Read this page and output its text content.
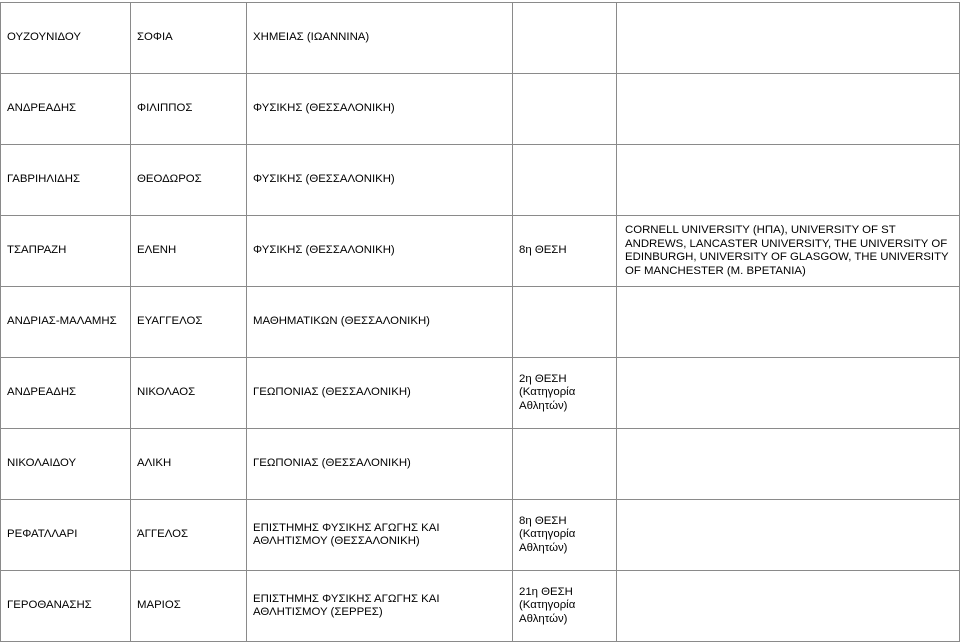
ΟΥΖΟΥΝΙΔΟΥ	ΣΟΦΙΑ	ΧΗΜΕΙΑΣ (ΙΩΑΝΝΙΝΑ)		
ΑΝΔΡΕΑΔΗΣ	ΦΙΛΙΠΠΟΣ	ΦΥΣΙΚΗΣ (ΘΕΣΣΑΛΟΝΙΚΗ)		
ΓΑΒΡΙΗΛΙΔΗΣ	ΘΕΟΔΩΡΟΣ	ΦΥΣΙΚΗΣ (ΘΕΣΣΑΛΟΝΙΚΗ)		
ΤΣΑΠΡΑΖΗ	ΕΛΕΝΗ	ΦΥΣΙΚΗΣ (ΘΕΣΣΑΛΟΝΙΚΗ)	8η ΘΕΣΗ	CORNELL UNIVERSITY (ΗΠΑ), UNIVERSITY OF ST ANDREWS, LANCASTER UNIVERSITY, THE UNIVERSITY OF EDINBURGH, UNIVERSITY OF GLASGOW, THE UNIVERSITY OF MANCHESTER (Μ. ΒΡΕΤΑΝΙΑ)
ΑΝΔΡΙΑΣ-ΜΑΛΑΜΗΣ	ΕΥΑΓΓΕΛΟΣ	ΜΑΘΗΜΑΤΙΚΩΝ (ΘΕΣΣΑΛΟΝΙΚΗ)		
ΑΝΔΡΕΑΔΗΣ	ΝΙΚΟΛΑΟΣ	ΓΕΩΠΟΝΙΑΣ (ΘΕΣΣΑΛΟΝΙΚΗ)	2η ΘΕΣΗ (Κατηγορία Αθλητών)	
ΝΙΚΟΛΑΙΔΟΥ	ΑΛΙΚΗ	ΓΕΩΠΟΝΙΑΣ (ΘΕΣΣΑΛΟΝΙΚΗ)		
ΡΕΦΑΤΛΛΑΡΙ	ΆΓΓΕΛΟΣ	ΕΠΙΣΤΗΜΗΣ ΦΥΣΙΚΗΣ ΑΓΩΓΗΣ ΚΑΙ ΑΘΛΗΤΙΣΜΟΥ (ΘΕΣΣΑΛΟΝΙΚΗ)	8η ΘΕΣΗ (Κατηγορία Αθλητών)	
ΓΕΡΟΘΑΝΑΣΗΣ	ΜΑΡΙΟΣ	ΕΠΙΣΤΗΜΗΣ ΦΥΣΙΚΗΣ ΑΓΩΓΗΣ ΚΑΙ ΑΘΛΗΤΙΣΜΟΥ (ΣΕΡΡΕΣ)	21η ΘΕΣΗ (Κατηγορία Αθλητών)	
